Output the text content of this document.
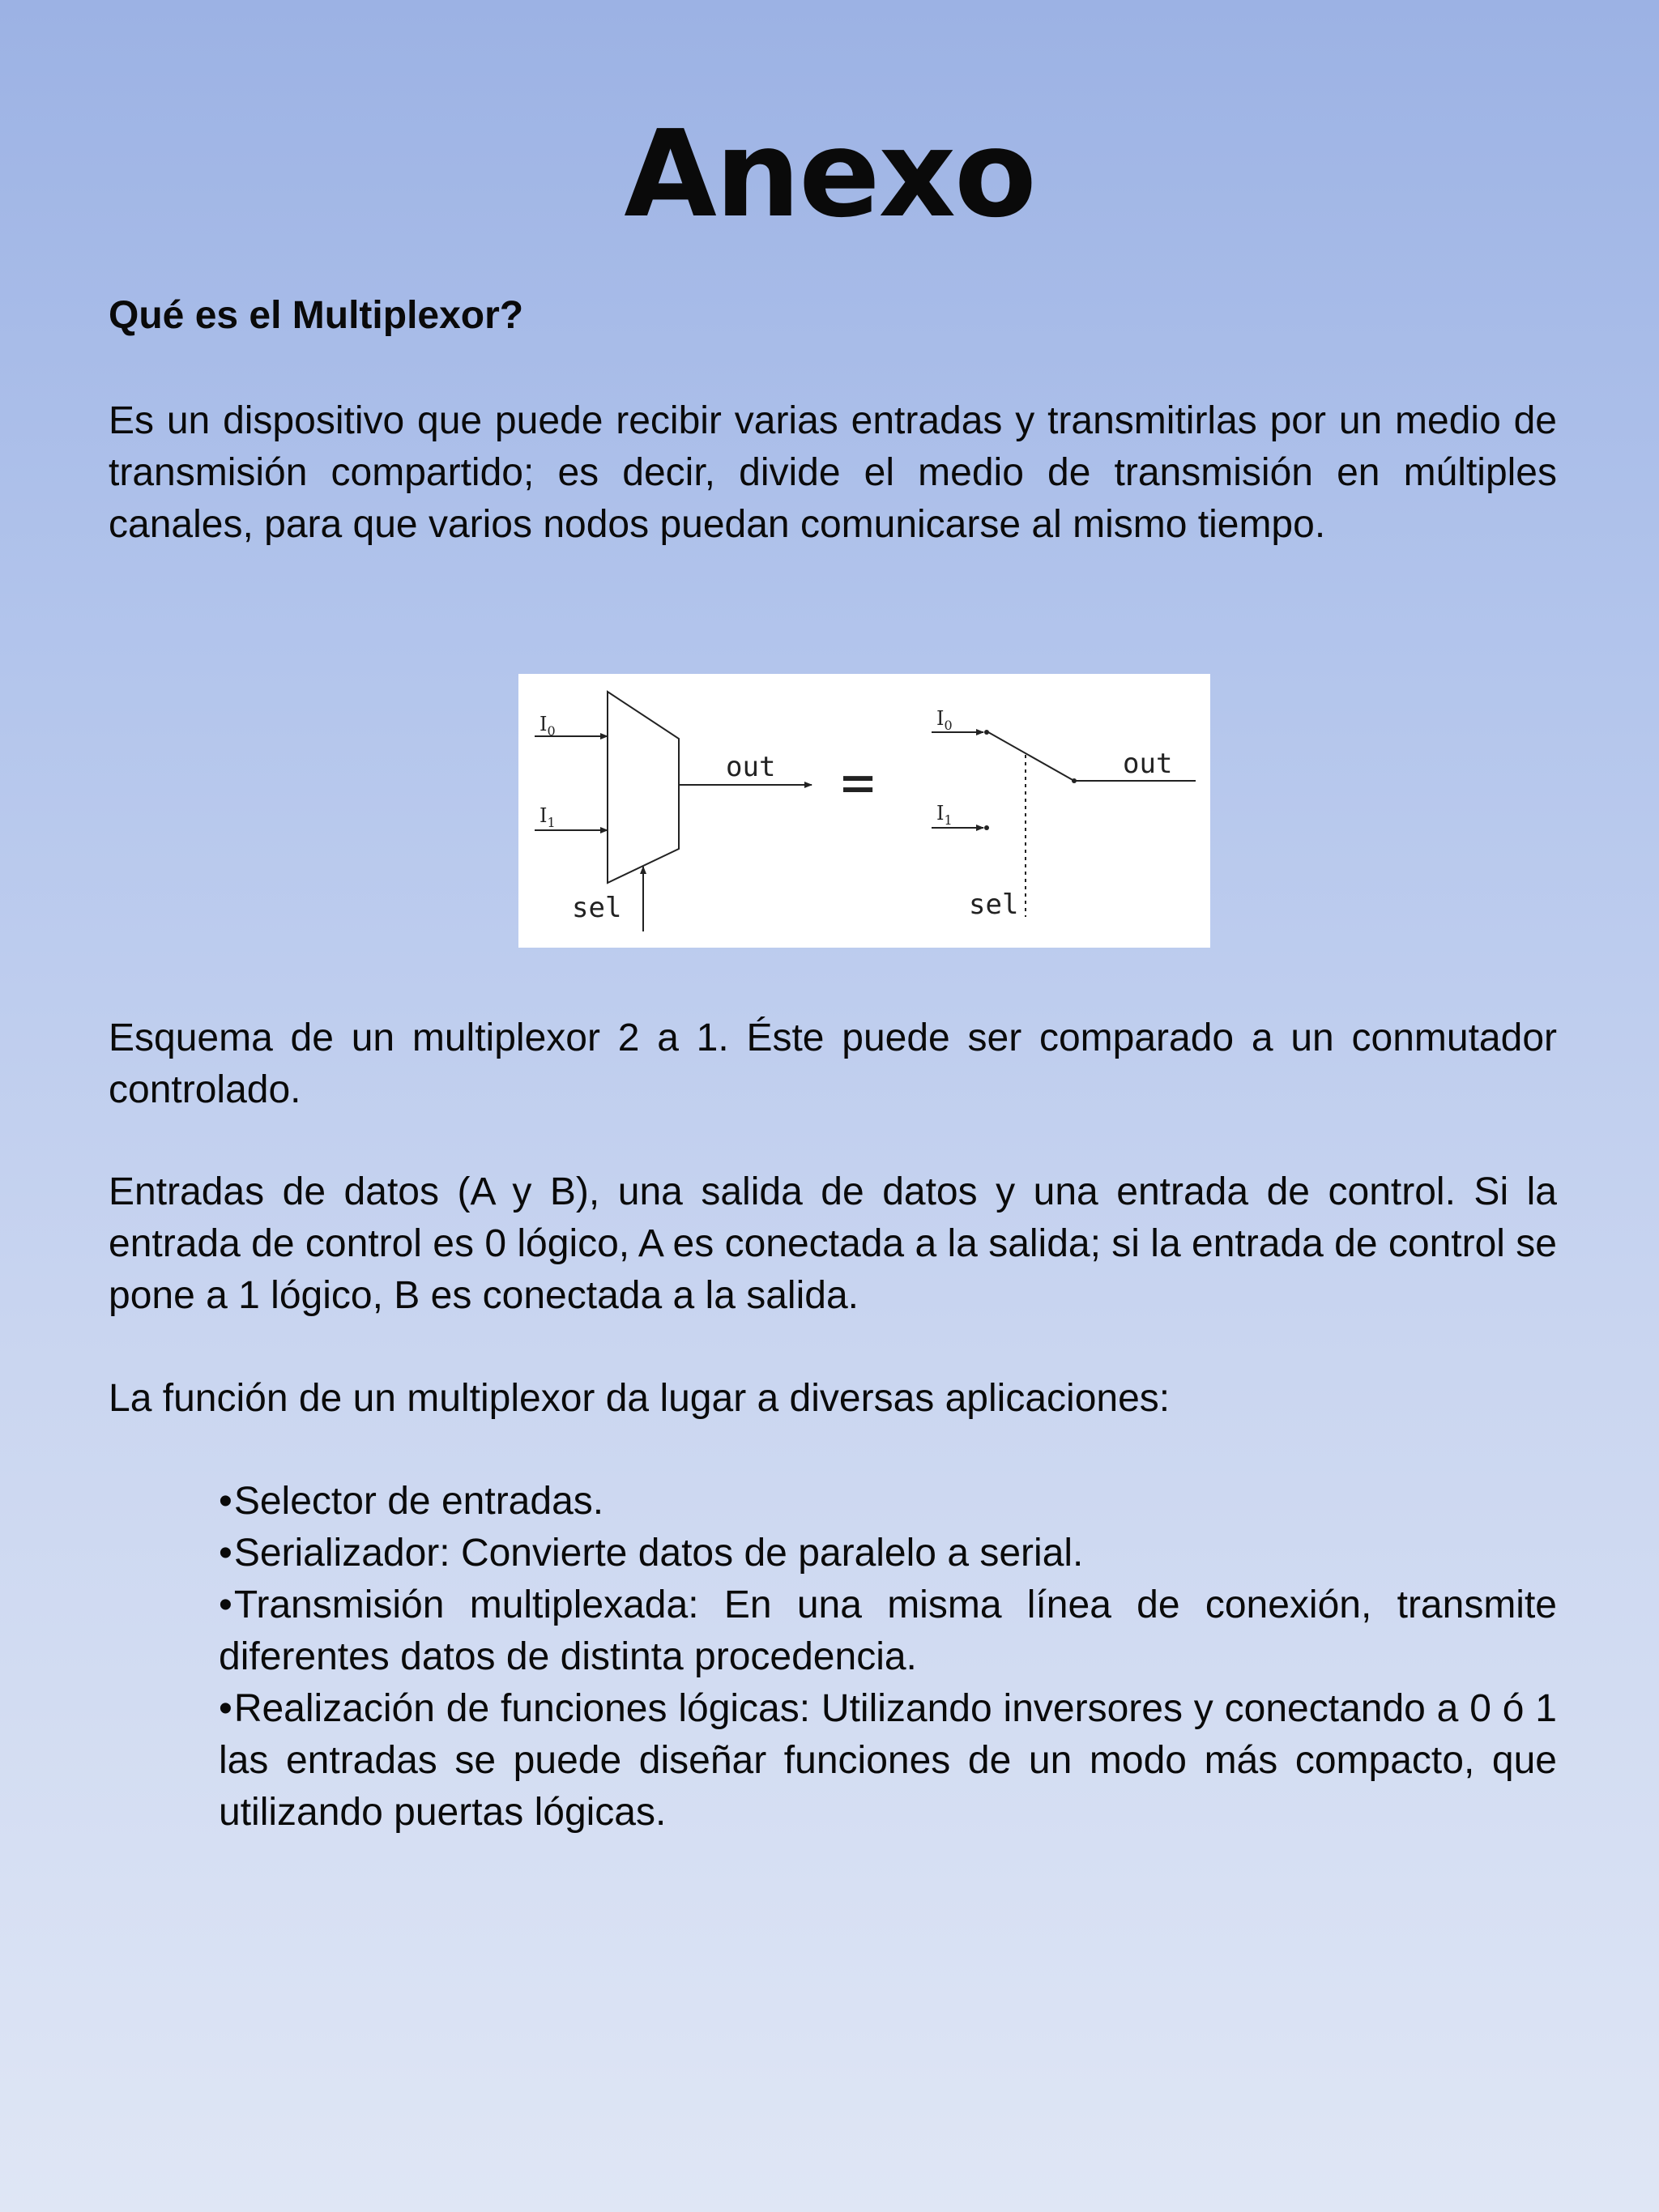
Anexo

Qué es el Multiplexor?

Es un dispositivo que puede recibir varias entradas y transmitirlas por un medio de transmisión compartido; es decir, divide el medio de transmisión en múltiples canales, para que varios nodos puedan comunicarse al mismo tiempo.

$I_0$
$I_1$
out
sel
=
$I_0$
$I_1$
out
sel

Esquema de un multiplexor 2 a 1. Éste puede ser comparado a un conmutador controlado.

Entradas de datos (A y B), una salida de datos y una entrada de control. Si la entrada de control es 0 lógico, A es conectada a la salida; si la entrada de control se pone a 1 lógico, B es conectada a la salida.

La función de un multiplexor da lugar a diversas aplicaciones:

•Selector de entradas.
•Serializador: Convierte datos de paralelo a serial.
•Transmisión multiplexada: En una misma línea de conexión, transmite diferentes datos de distinta procedencia.
•Realización de funciones lógicas: Utilizando inversores y conectando a 0 ó 1 las entradas se puede diseñar funciones de un modo más compacto, que utilizando puertas lógicas.
